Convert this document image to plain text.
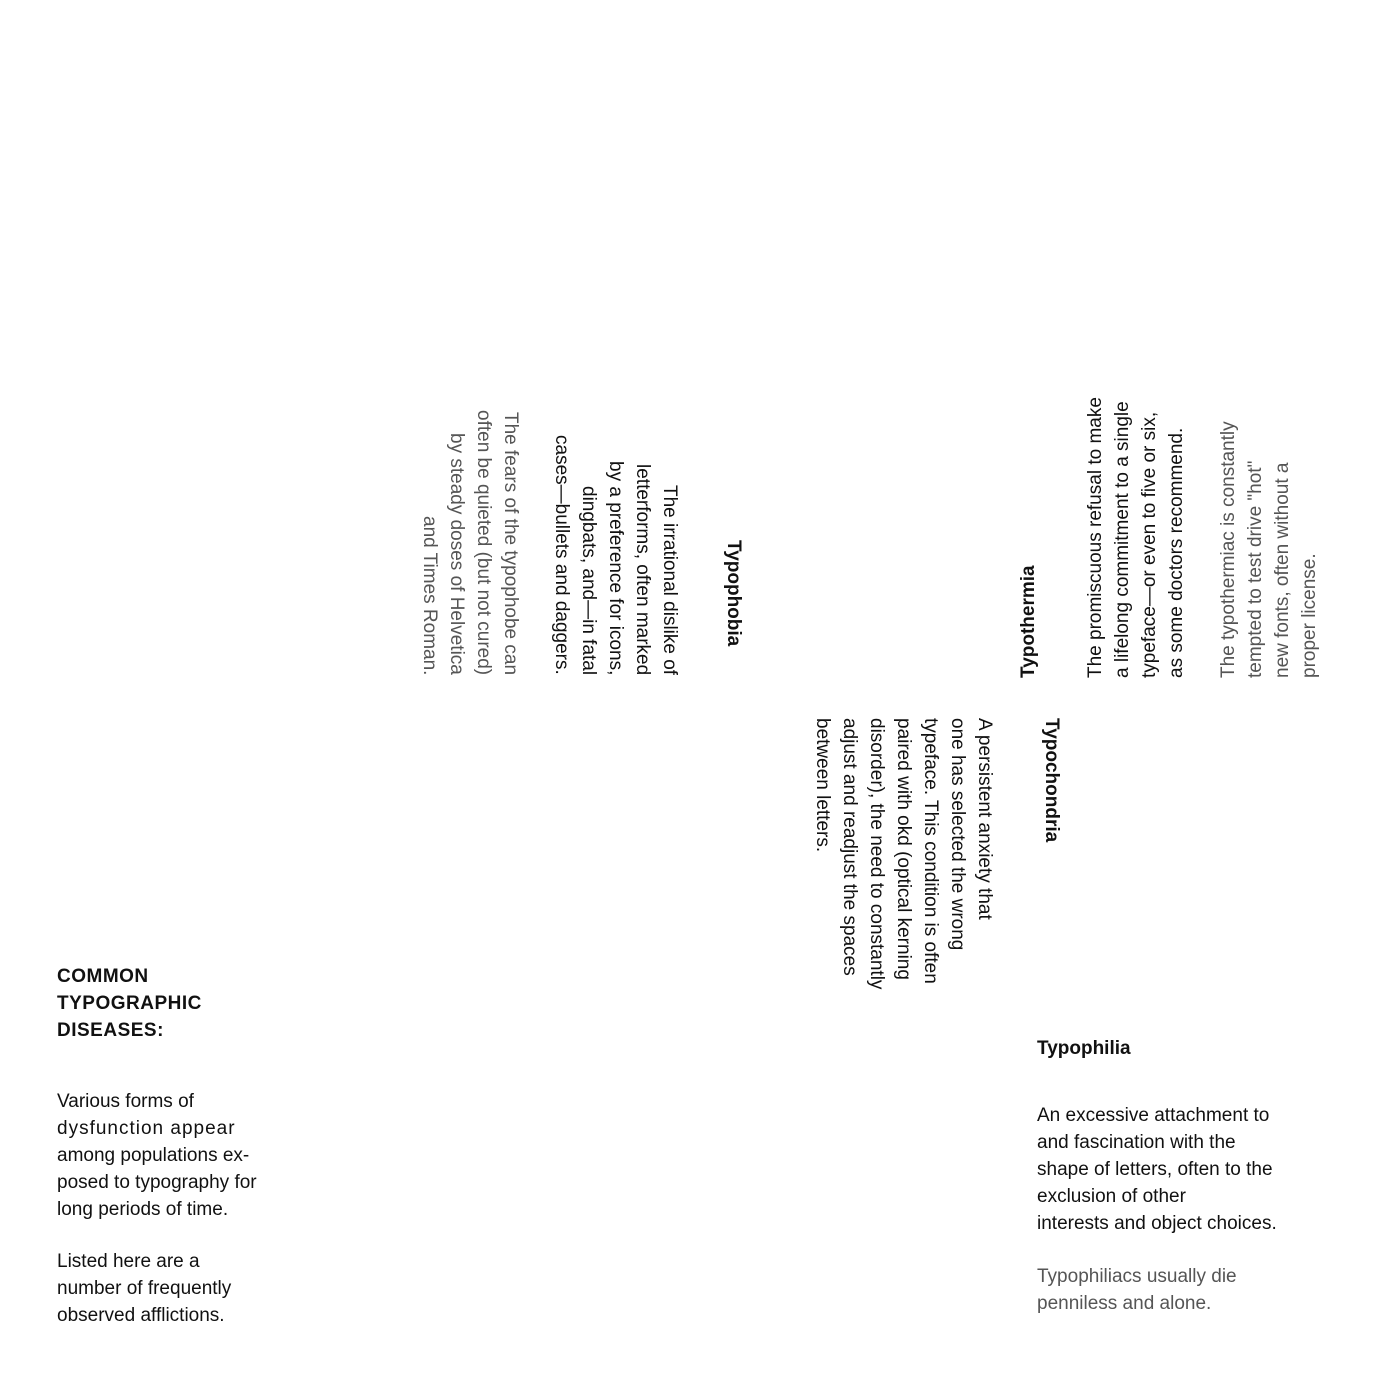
COMMON
TYPOGRAPHIC
DISEASES:
Various forms of
dysfunction appear
among populations ex-
posed to typography for
long periods of time.
Listed here are a
number of frequently
observed afflictions.
Typophobia
The irrational dislike of
letterforms, often marked
by a preference for icons,
dingbats, and—in fatal
cases—bullets and daggers.
The fears of the typophobe can
often be quieted (but not cured)
by steady doses of Helvetica
and Times Roman.	Typothermia The promiscuous refusal to make a lifelong commitment to a single typeface—or even to five or six, as some doctors recommend. The typothermiac is constantly tempted to test drive "hot" new fonts, often without a proper license.
Typochondria
A persistent anxiety that
one has selected the wrong
typeface. This condition is often
paired with okd (optical kerning
disorder), the need to constantly
adjust and readjust the spaces
between letters.
Typophilia
An excessive attachment to
and fascination with the
shape of letters, often to the
exclusion of other
interests and object choices.
Typophiliacs usually die
penniless and alone.
